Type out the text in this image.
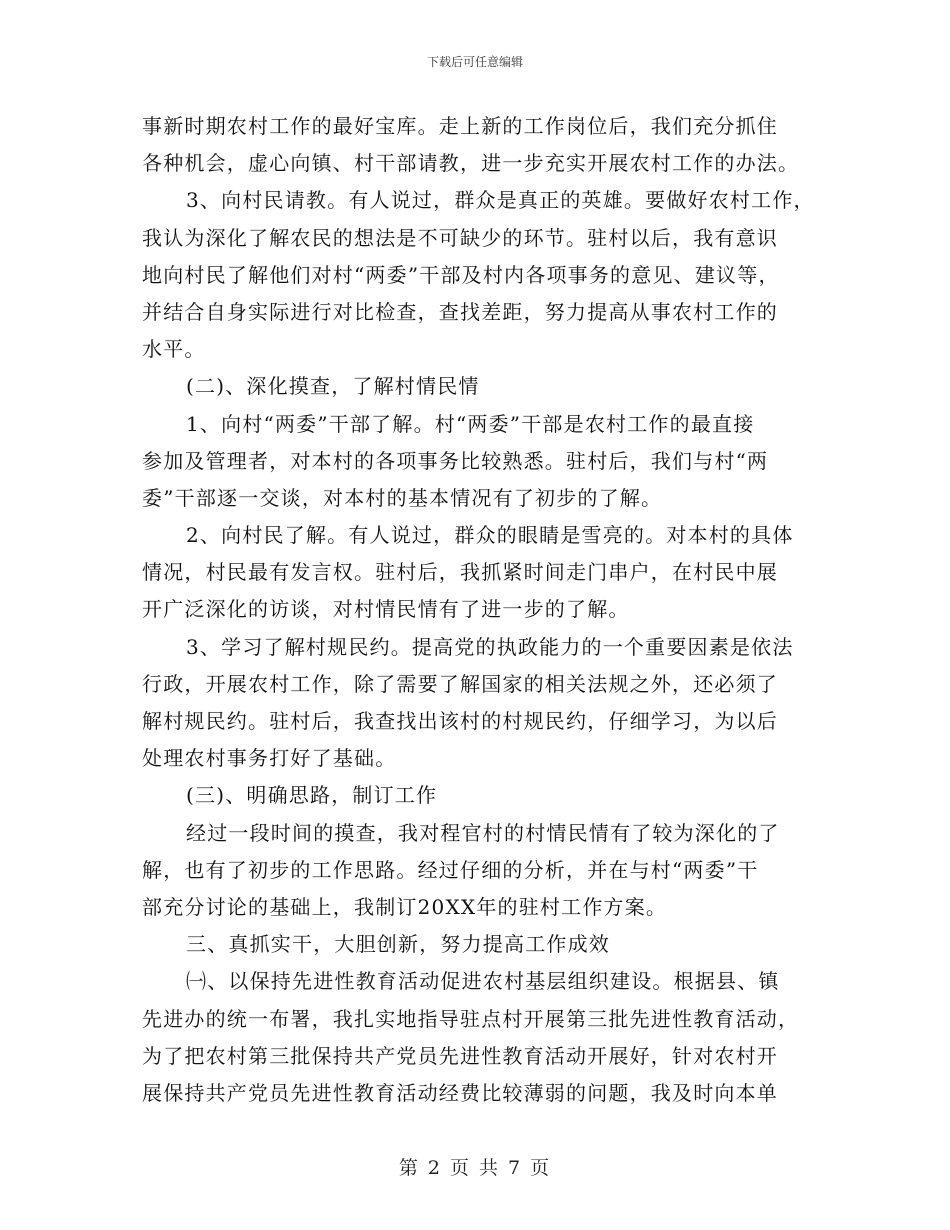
下载后可任意编辑
事新时期农村工作的最好宝库。走上新的工作岗位后，我们充分抓住
各种机会，虚心向镇、村干部请教，进一步充实开展农村工作的办法。
3、向村民请教。有人说过，群众是真正的英雄。要做好农村工作，
我认为深化了解农民的想法是不可缺少的环节。驻村以后，我有意识
地向村民了解他们对村“两委”干部及村内各项事务的意见、建议等，
并结合自身实际进行对比检查，查找差距，努力提高从事农村工作的
水平。
(二)、深化摸查，了解村情民情
1、向村“两委”干部了解。村“两委”干部是农村工作的最直接
参加及管理者，对本村的各项事务比较熟悉。驻村后，我们与村“两
委”干部逐一交谈，对本村的基本情况有了初步的了解。
2、向村民了解。有人说过，群众的眼睛是雪亮的。对本村的具体
情况，村民最有发言权。驻村后，我抓紧时间走门串户，在村民中展
开广泛深化的访谈，对村情民情有了进一步的了解。
3、学习了解村规民约。提高党的执政能力的一个重要因素是依法
行政，开展农村工作，除了需要了解国家的相关法规之外，还必须了
解村规民约。驻村后，我查找出该村的村规民约，仔细学习，为以后
处理农村事务打好了基础。
(三)、明确思路，制订工作
经过一段时间的摸查，我对程官村的村情民情有了较为深化的了
解，也有了初步的工作思路。经过仔细的分析，并在与村“两委”干
部充分讨论的基础上，我制订20XX年的驻村工作方案。
三、真抓实干，大胆创新，努力提高工作成效
㈠、以保持先进性教育活动促进农村基层组织建设。根据县、镇
先进办的统一布署，我扎实地指导驻点村开展第三批先进性教育活动，
为了把农村第三批保持共产党员先进性教育活动开展好，针对农村开
展保持共产党员先进性教育活动经费比较薄弱的问题，我及时向本单
第 2 页 共 7 页
